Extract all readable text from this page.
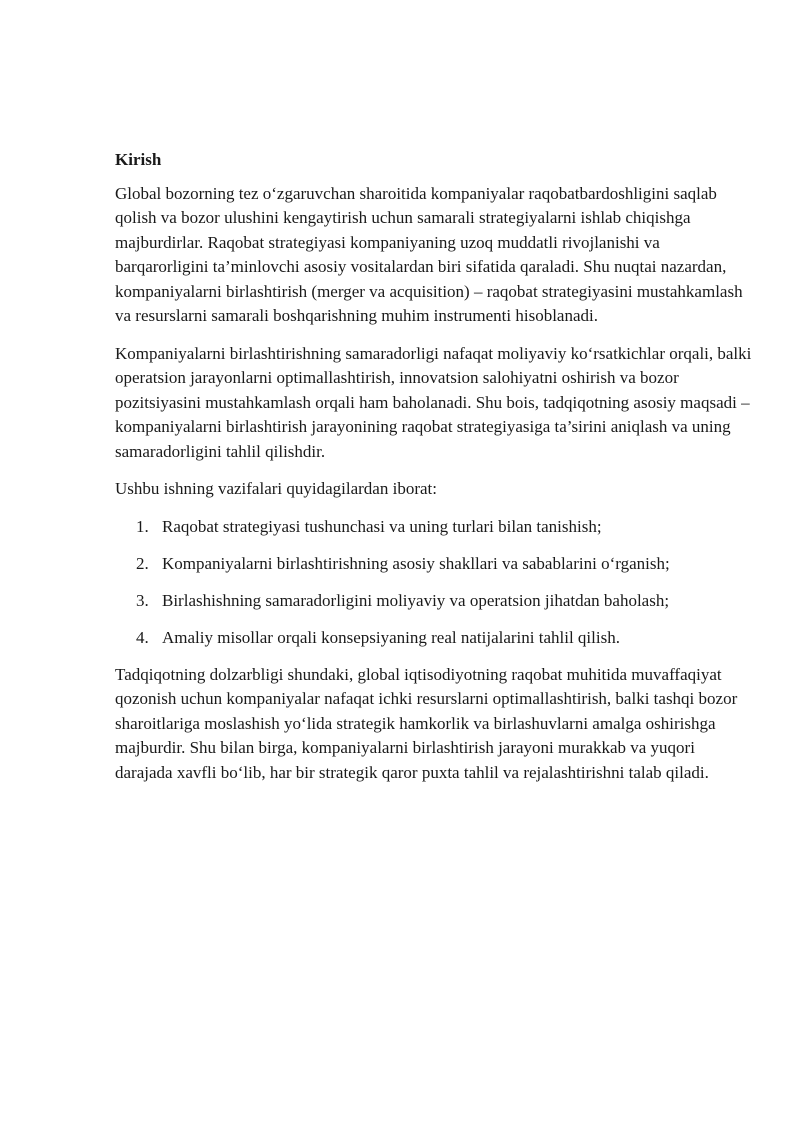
Kirish

Global bozorning tez o‘zgaruvchan sharoitida kompaniyalar raqobatbardoshligini saqlab qolish va bozor ulushini kengaytirish uchun samarali strategiyalarni ishlab chiqishga majburdirlar. Raqobat strategiyasi kompaniyaning uzoq muddatli rivojlanishi va barqarorligini ta’minlovchi asosiy vositalardan biri sifatida qaraladi. Shu nuqtai nazardan, kompaniyalarni birlashtirish (merger va acquisition) – raqobat strategiyasini mustahkamlash va resurslarni samarali boshqarishning muhim instrumenti hisoblanadi.

Kompaniyalarni birlashtirishning samaradorligi nafaqat moliyaviy ko‘rsatkichlar orqali, balki operatsion jarayonlarni optimallashtirish, innovatsion salohiyatni oshirish va bozor pozitsiyasini mustahkamlash orqali ham baholanadi. Shu bois, tadqiqotning asosiy maqsadi – kompaniyalarni birlashtirish jarayonining raqobat strategiyasiga ta’sirini aniqlash va uning samaradorligini tahlil qilishdir.

Ushbu ishning vazifalari quyidagilardan iborat:

1. Raqobat strategiyasi tushunchasi va uning turlari bilan tanishish;
2. Kompaniyalarni birlashtirishning asosiy shakllari va sabablarini o‘rganish;
3. Birlashishning samaradorligini moliyaviy va operatsion jihatdan baholash;
4. Amaliy misollar orqali konsepsiyaning real natijalarini tahlil qilish.

Tadqiqotning dolzarbligi shundaki, global iqtisodiyotning raqobat muhitida muvaffaqiyat qozonish uchun kompaniyalar nafaqat ichki resurslarni optimallashtirish, balki tashqi bozor sharoitlariga moslashish yo‘lida strategik hamkorlik va birlashuvlarni amalga oshirishga majburdir. Shu bilan birga, kompaniyalarni birlashtirish jarayoni murakkab va yuqori darajada xavfli bo‘lib, har bir strategik qaror puxta tahlil va rejalashtirishni talab qiladi.
